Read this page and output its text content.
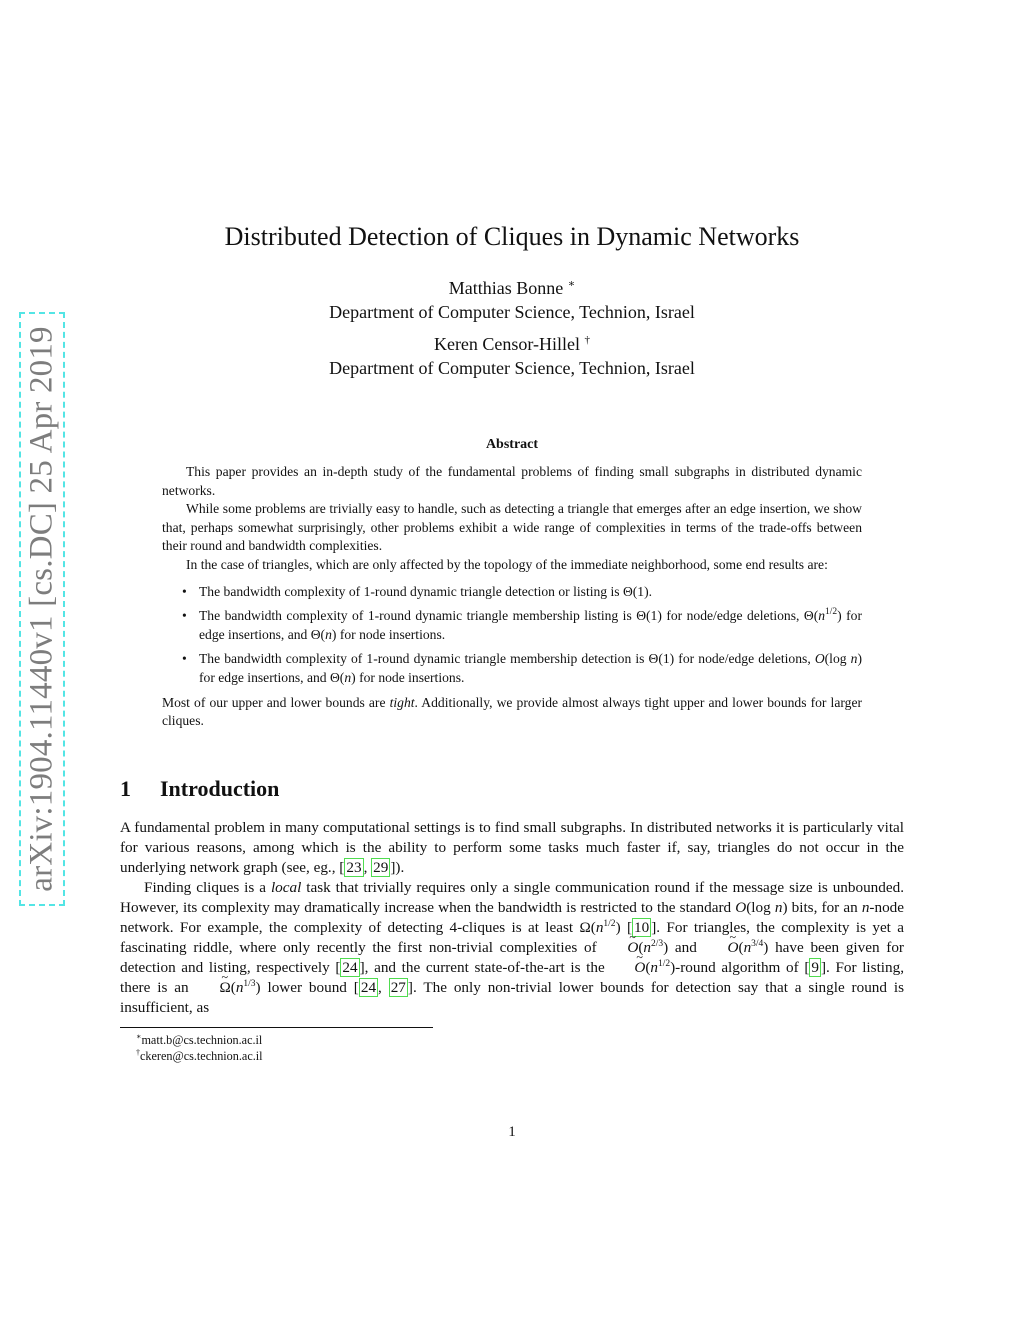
arXiv:1904.11440v1 [cs.DC] 25 Apr 2019
Distributed Detection of Cliques in Dynamic Networks
Matthias Bonne ∗
Department of Computer Science, Technion, Israel
Keren Censor-Hillel †
Department of Computer Science, Technion, Israel
Abstract

This paper provides an in-depth study of the fundamental problems of finding small subgraphs in distributed dynamic networks.

While some problems are trivially easy to handle, such as detecting a triangle that emerges after an edge insertion, we show that, perhaps somewhat surprisingly, other problems exhibit a wide range of complexities in terms of the trade-offs between their round and bandwidth complexities.

In the case of triangles, which are only affected by the topology of the immediate neighborhood, some end results are:

• The bandwidth complexity of 1-round dynamic triangle detection or listing is Θ(1).
• The bandwidth complexity of 1-round dynamic triangle membership listing is Θ(1) for node/edge deletions, $\Theta(n^{1/2})$ for edge insertions, and Θ(n) for node insertions.
• The bandwidth complexity of 1-round dynamic triangle membership detection is Θ(1) for node/edge deletions, O(log n) for edge insertions, and Θ(n) for node insertions.

Most of our upper and lower bounds are tight. Additionally, we provide almost always tight upper and lower bounds for larger cliques.

1 Introduction

A fundamental problem in many computational settings is to find small subgraphs. In distributed networks it is particularly vital for various reasons, among which is the ability to perform some tasks much faster if, say, triangles do not occur in the underlying network graph (see, eg., [ 23 , 29 ]).

Finding cliques is a local task that trivially requires only a single communication round if the message size is unbounded. However, its complexity may dramatically increase when the bandwidth is restricted to the standard O(log n) bits, for an n-node network. For example, the complexity of detecting 4-cliques is at least $\Omega(n^{1/2})$ [ 10 ]. For triangles, the complexity is yet a fascinating riddle, where only recently the first non-trivial complexities of ~ $O(n^{2/3})$ and ~ $O(n^{3/4})$ have been given for detection and listing, respectively [ 24 ], and the current state-of-the-art is the ~ $O(n^{1/2})$-round algorithm of [ 9 ]. For listing, there is an ~ $\Omega(n^{1/3})$ lower bound [ 24 , 27 ]. The only non-trivial lower bounds for detection say that a single round is insufficient, as

∗matt.b@cs.technion.ac.il
†ckeren@cs.technion.ac.il
1
